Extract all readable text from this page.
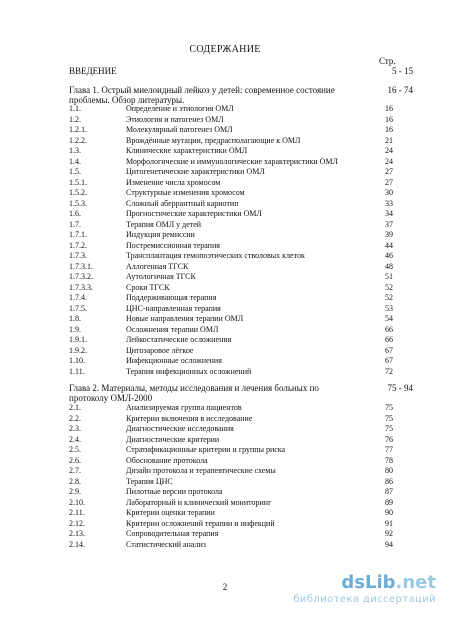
СОДЕРЖАНИЕ
Стр.
ВВЕДЕНИЕ	5 - 15
Глава 1. Острый миелоидный лейкоз у детей: современное состояние проблемы. Обзор литературы.
16 - 74
1.1.	Определение и этиология ОМЛ	16
1.2.	Этиология и патогенез ОМЛ	16
1.2.1.	Молекулярный патогенез ОМЛ	16
1.2.2.	Врождённые мутации, предрасполагающие к ОМЛ	21
1.3.	Клинические характеристики ОМЛ	24
1.4.	Морфологические и иммунологические характеристики ОМЛ	24
1.5.	Цитогенетические характеристики ОМЛ	27
1.5.1.	Изменение числа хромосом	27
1.5.2.	Структурные изменения хромосом	30
1.5.3.	Сложный аберрантный кариотип	33
1.6.	Прогностические характеристики ОМЛ	34
1.7.	Терапия ОМЛ у детей	37
1.7.1.	Индукция ремиссии	39
1.7.2.	Постремиссионная терапия	44
1.7.3.	Трансплантация гемопоэтических стволовых клеток	46
1.7.3.1.	Аллогенная ТГСК	48
1.7.3.2.	Аутологичная ТГСК	51
1.7.3.3.	Сроки ТГСК	52
1.7.4.	Поддерживающая терапия	52
1.7.5.	ЦНС-направленная терапия	53
1.8.	Новые направления терапии ОМЛ	54
1.9.	Осложнения терапии ОМЛ	66
1.9.1.	Лейкостатические осложнения	66
1.9.2.	Цитозаровое лёгкое	67
1.10.	Инфекционные осложнения	67
1.11.	Терапия инфекционных осложнений	72
Глава 2. Материалы, методы исследования и лечения больных по протоколу ОМЛ-2000
75 - 94
2.1.	Анализируемая группа пациентов	75
2.2.	Критерии включения в исследование	75
2.3.	Диагностические исследования	75
2.4.	Диагностические критерии	76
2.5.	Стратификационные критерии и группы риска	77
2.6.	Обоснование протокола	78
2.7.	Дизайн протокола и терапевтические схемы	80
2.8.	Терапия ЦНС	86
2.9.	Пилотные версии протокола	87
2.10.	Лабораторный и клинический мониторинг	89
2.11.	Критерии оценки терапии	90
2.12.	Критерии осложнений терапии и инфекций	91
2.13.	Сопроводительная терапия	92
2.14.	Статистический анализ	94
2	dsLib.net
библиотека диссертаций
